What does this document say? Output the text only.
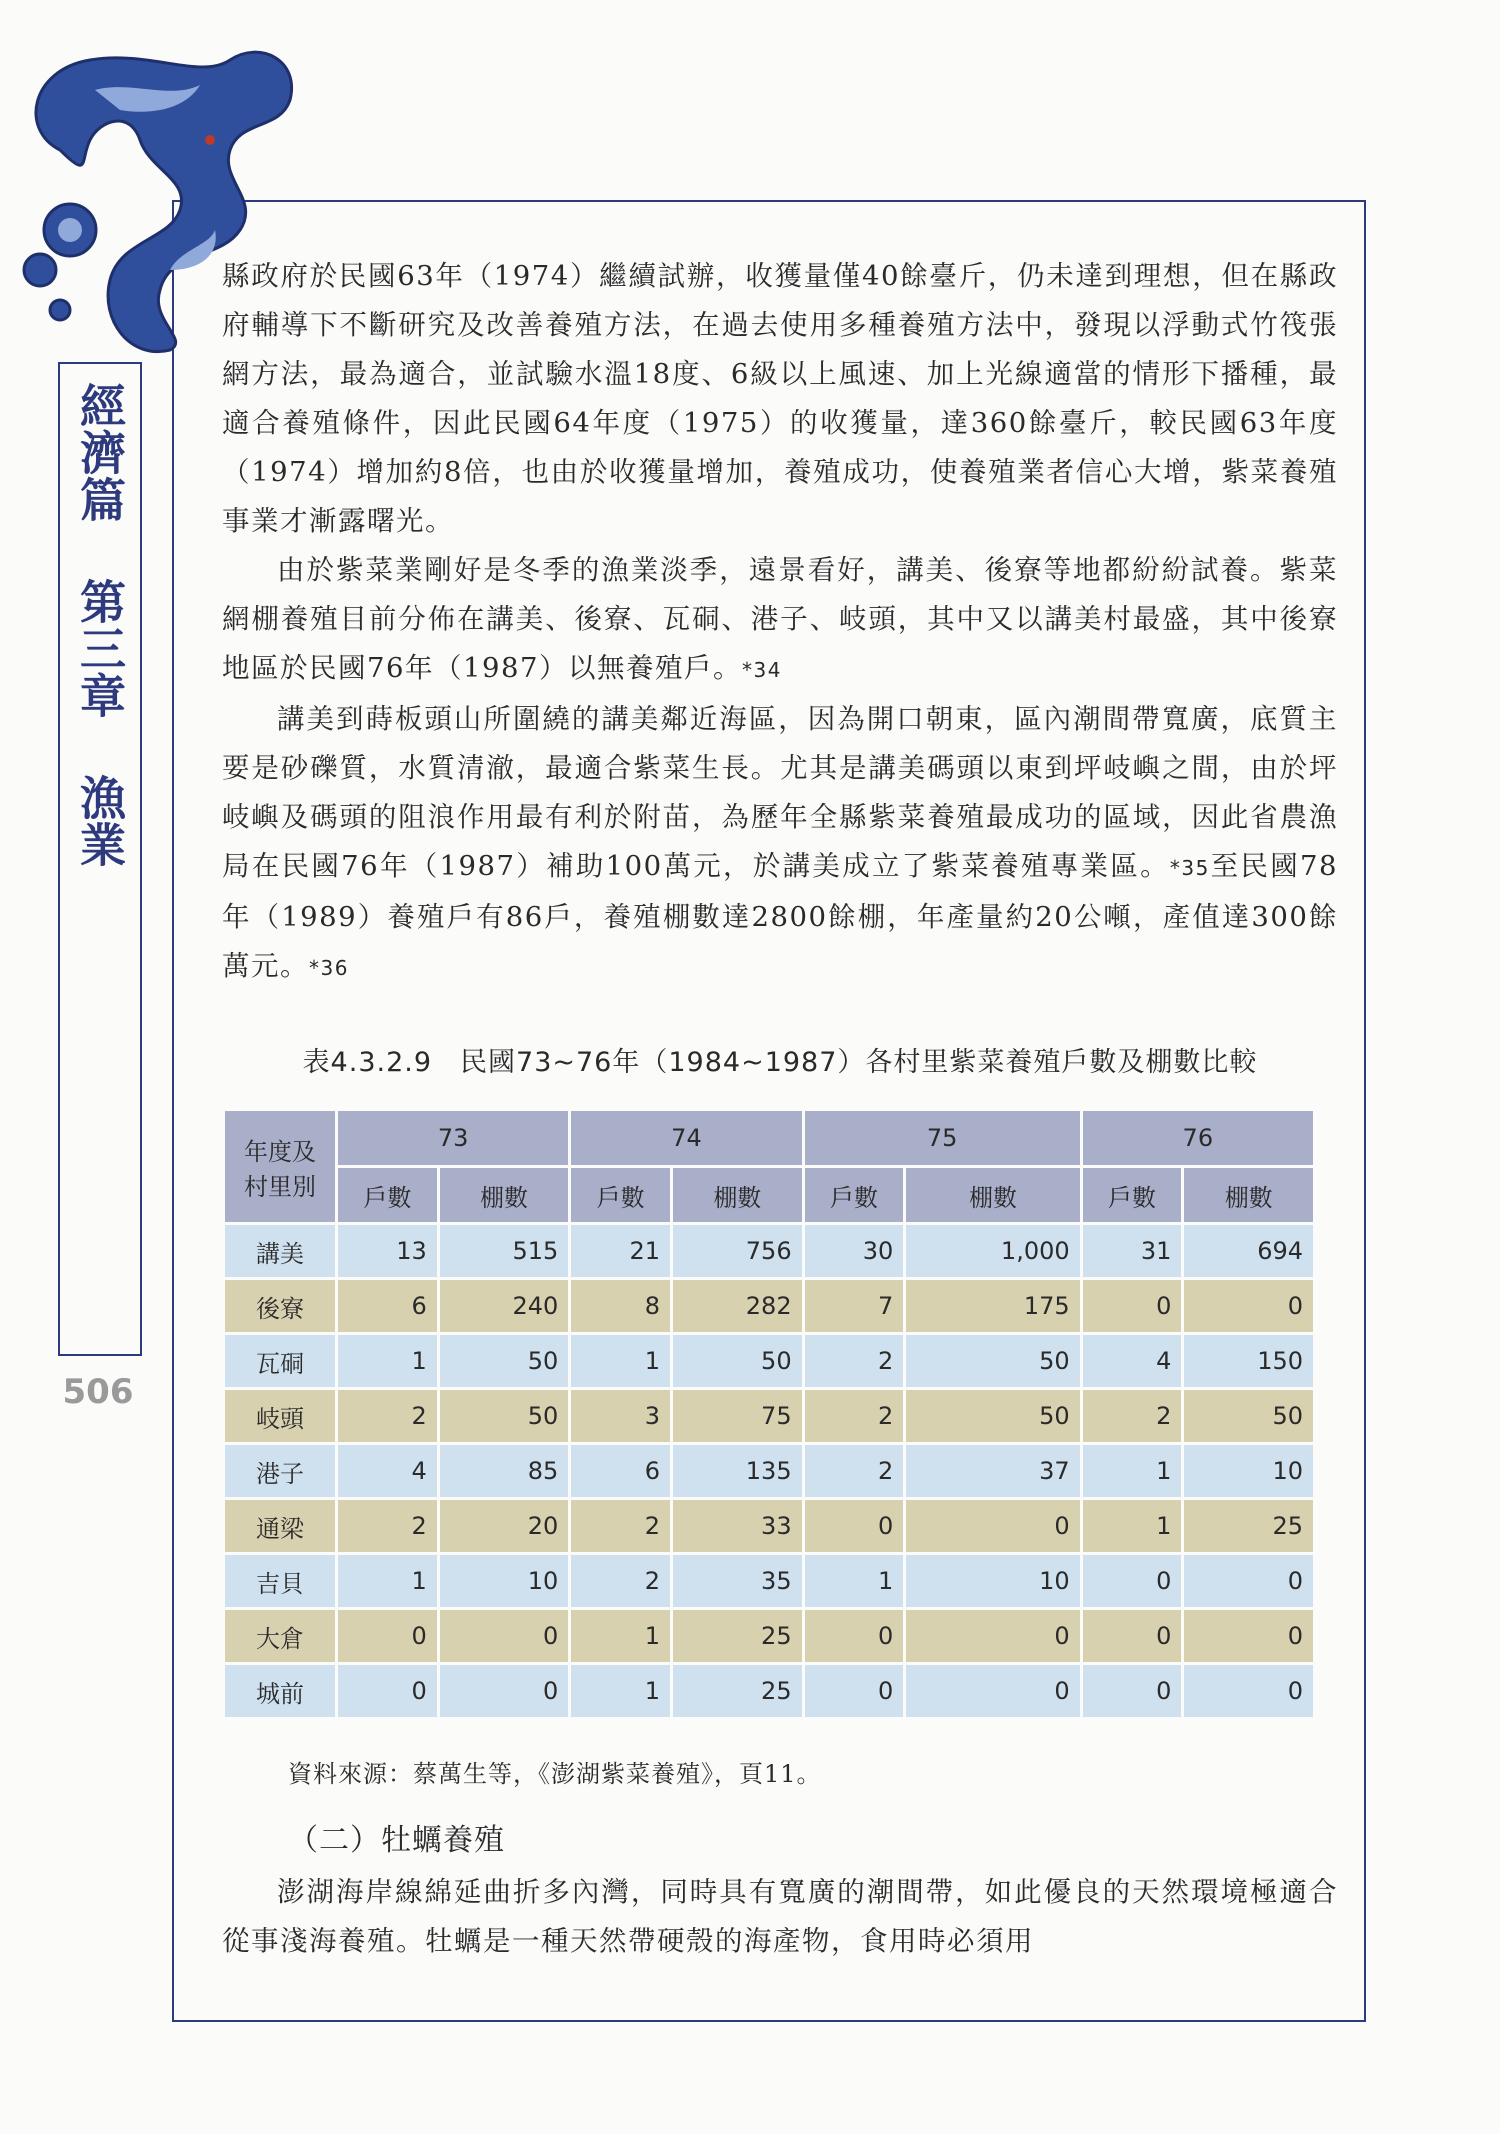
經濟篇 第三章 漁業
506

縣政府於民國63年（1974）繼續試辦，收獲量僅40餘臺斤，仍未達到理想，但在縣政府輔導下不斷研究及改善養殖方法，在過去使用多種養殖方法中，發現以浮動式竹筏張網方法，最為適合，並試驗水溫18度、6級以上風速、加上光線適當的情形下播種，最適合養殖條件，因此民國64年度（1975）的收獲量，達360餘臺斤，較民國63年度（1974）增加約8倍，也由於收獲量增加，養殖成功，使養殖業者信心大增，紫菜養殖事業才漸露曙光。

由於紫菜業剛好是冬季的漁業淡季，遠景看好，講美、後寮等地都紛紛試養。紫菜網棚養殖目前分佈在講美、後寮、瓦硐、港子、岐頭，其中又以講美村最盛，其中後寮地區於民國76年（1987）以無養殖戶。*34

講美到蒔板頭山所圍繞的講美鄰近海區，因為開口朝東，區內潮間帶寬廣，底質主要是砂礫質，水質清澈，最適合紫菜生長。尤其是講美碼頭以東到坪岐嶼之間，由於坪岐嶼及碼頭的阻浪作用最有利於附苗，為歷年全縣紫菜養殖最成功的區域，因此省農漁局在民國76年（1987）補助100萬元，於講美成立了紫菜養殖專業區。*35至民國78年（1989）養殖戶有86戶，養殖棚數達2800餘棚，年產量約20公噸，產值達300餘萬元。*36

表4.3.2.9　民國73~76年（1984~1987）各村里紫菜養殖戶數及棚數比較
年度及
村里別	73		74		75		76	
	戶數	棚數	戶數	棚數	戶數	棚數	戶數	棚數
講美	13	515	21	756	30	1,000	31	694
後寮	6	240	8	282	7	175	0	0
瓦硐	1	50	1	50	2	50	4	150
岐頭	2	50	3	75	2	50	2	50
港子	4	85	6	135	2	37	1	10
通梁	2	20	2	33	0	0	1	25
吉貝	1	10	2	35	1	10	0	0
大倉	0	0	1	25	0	0	0	0
城前	0	0	1	25	0	0	0	0
資料來源：蔡萬生等，《澎湖紫菜養殖》，頁11。
（二）牡蠣養殖

澎湖海岸線綿延曲折多內灣，同時具有寬廣的潮間帶，如此優良的天然環境極適合從事淺海養殖。牡蠣是一種天然帶硬殼的海產物，食用時必須用
